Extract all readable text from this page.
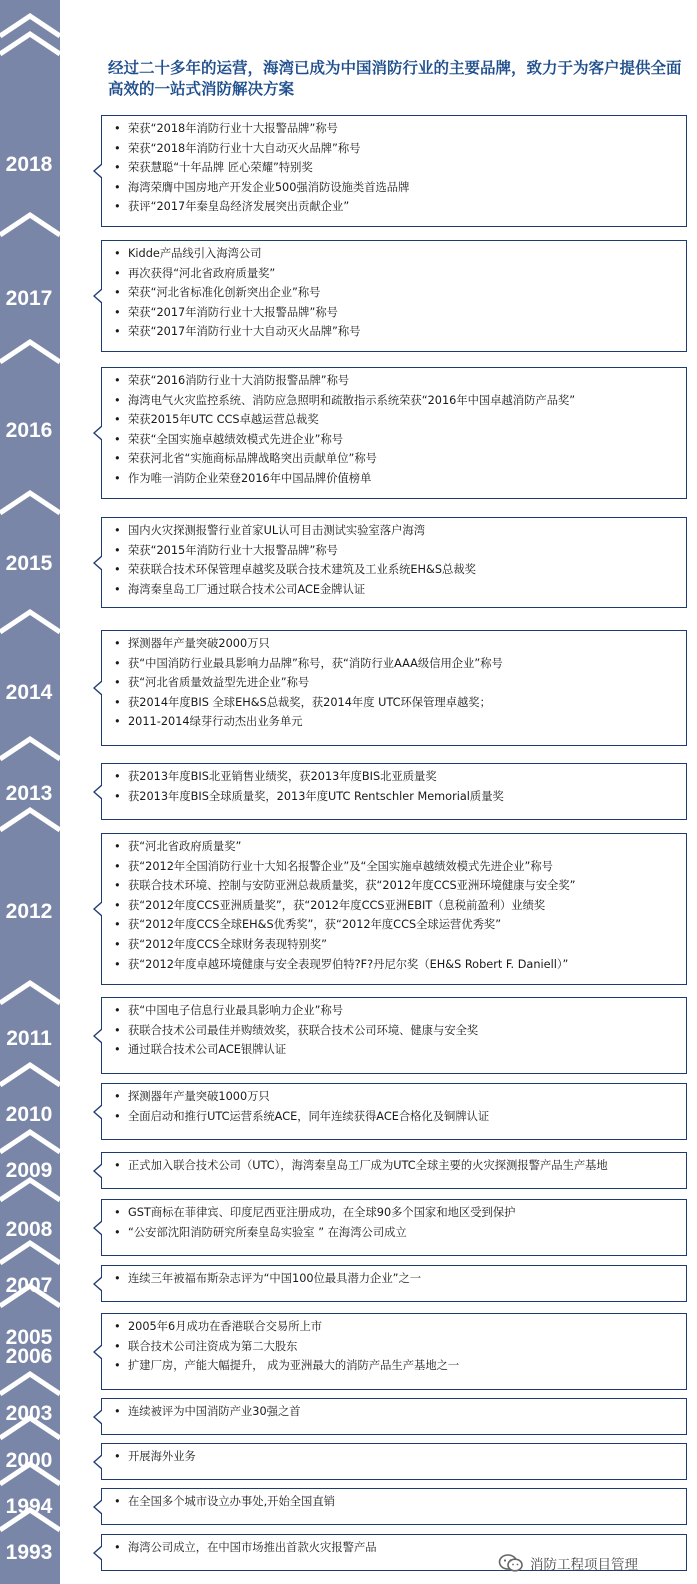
2018
2017
2016
2015
2014
2013
2012
2011
2010
2009
2008
2007
2005
2006
2003
2000
1994
1993
经过二十多年的运营，海湾已成为中国消防行业的主要品牌，致力于为客户提供全面高效的一站式消防解决方案
• 荣获“2018年消防行业十大报警品牌”称号
• 荣获“2018年消防行业十大自动灭火品牌”称号
• 荣获慧聪“十年品牌 匠心荣耀”特别奖
• 海湾荣膺中国房地产开发企业500强消防设施类首选品牌
• 获评“2017年秦皇岛经济发展突出贡献企业”
• Kidde产品线引入海湾公司
• 再次获得“河北省政府质量奖”
• 荣获“河北省标准化创新突出企业”称号
• 荣获“2017年消防行业十大报警品牌”称号
• 荣获“2017年消防行业十大自动灭火品牌”称号
• 荣获“2016消防行业十大消防报警品牌”称号
• 海湾电气火灾监控系统、消防应急照明和疏散指示系统荣获“2016年中国卓越消防产品奖”
• 荣获2015年UTC CCS卓越运营总裁奖
• 荣获“全国实施卓越绩效模式先进企业”称号
• 荣获河北省“实施商标品牌战略突出贡献单位”称号
• 作为唯一消防企业荣登2016年中国品牌价值榜单
• 国内火灾探测报警行业首家UL认可目击测试实验室落户海湾
• 荣获“2015年消防行业十大报警品牌”称号
• 荣获联合技术环保管理卓越奖及联合技术建筑及工业系统EH&S总裁奖
• 海湾秦皇岛工厂通过联合技术公司ACE金牌认证
• 探测器年产量突破2000万只
• 获“中国消防行业最具影响力品牌”称号，获“消防行业AAA级信用企业”称号
• 获“河北省质量效益型先进企业”称号
• 获2014年度BIS 全球EH&S总裁奖，获2014年度 UTC环保管理卓越奖；
• 2011-2014绿芽行动杰出业务单元
• 获2013年度BIS北亚销售业绩奖，获2013年度BIS北亚质量奖
• 获2013年度BIS全球质量奖，2013年度UTC Rentschler Memorial质量奖
• 获“河北省政府质量奖”
• 获“2012年全国消防行业十大知名报警企业”及“全国实施卓越绩效模式先进企业”称号
• 获联合技术环境、控制与安防亚洲总裁质量奖，获“2012年度CCS亚洲环境健康与安全奖”
• 获“2012年度CCS亚洲质量奖”，获“2012年度CCS亚洲EBIT（息税前盈利）业绩奖
• 获“2012年度CCS全球EH&S优秀奖”，获“2012年度CCS全球运营优秀奖”
• 获“2012年度CCS全球财务表现特别奖”
• 获“2012年度卓越环境健康与安全表现罗伯特?F?丹尼尔奖（EH&S Robert F. Daniell）”
• 获“中国电子信息行业最具影响力企业”称号
• 获联合技术公司最佳并购绩效奖，获联合技术公司环境、健康与安全奖
• 通过联合技术公司ACE银牌认证
• 探测器年产量突破1000万只
• 全面启动和推行UTC运营系统ACE，同年连续获得ACE合格化及铜牌认证
• 正式加入联合技术公司（UTC），海湾秦皇岛工厂成为UTC全球主要的火灾探测报警产品生产基地
• GST商标在菲律宾、印度尼西亚注册成功，在全球90多个国家和地区受到保护
• “公安部沈阳消防研究所秦皇岛实验室 ” 在海湾公司成立
• 连续三年被福布斯杂志评为“中国100位最具潜力企业”之一
• 2005年6月成功在香港联合交易所上市
• 联合技术公司注资成为第二大股东
• 扩建厂房，产能大幅提升， 成为亚洲最大的消防产品生产基地之一
• 连续被评为中国消防产业30强之首
• 开展海外业务
• 在全国多个城市设立办事处,开始全国直销
• 海湾公司成立，在中国市场推出首款火灾报警产品
消防工程项目管理
